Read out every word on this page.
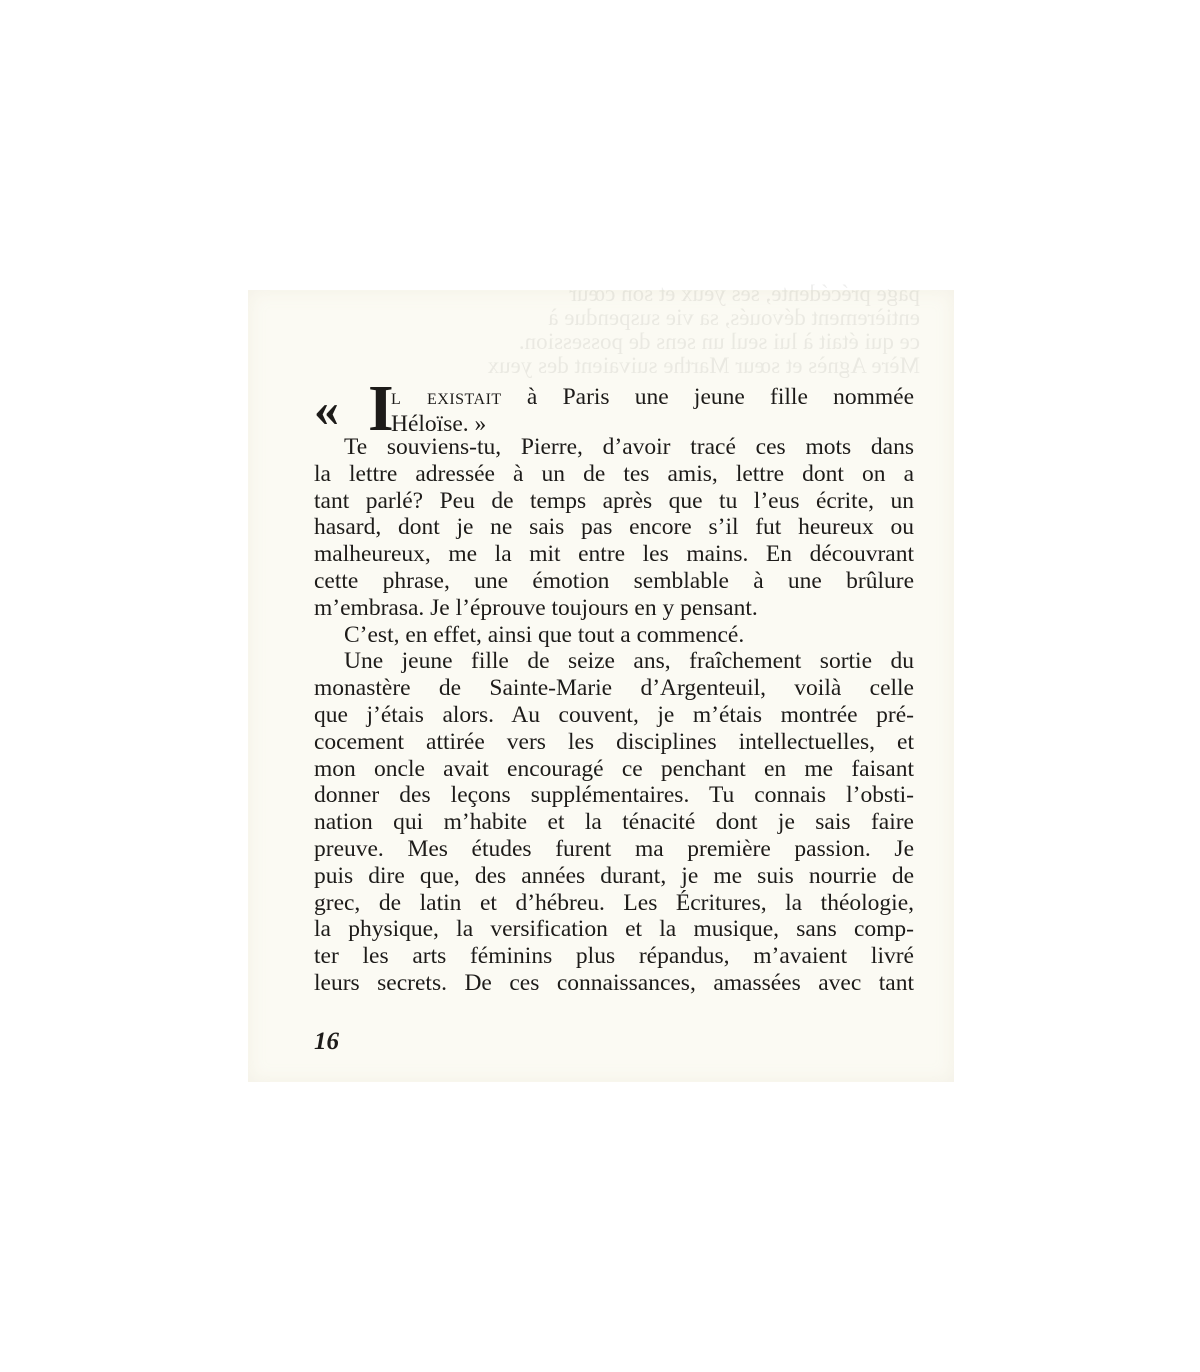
page précédente, ses yeux et son cœur
entièrement dévoués, sa vie suspendue à
ce qui était à lui seul un sens de possession.
Mère Agnès et sœur Marthe suivaient des yeux
« I
l existait à Paris une jeune fille nommée
Héloïse. »
Te souviens-tu, Pierre, d’avoir tracé ces mots dans
la lettre adressée à un de tes amis, lettre dont on a
tant parlé? Peu de temps après que tu l’eus écrite, un
hasard, dont je ne sais pas encore s’il fut heureux ou
malheureux, me la mit entre les mains. En découvrant
cette phrase, une émotion semblable à une brûlure
m’embrasa. Je l’éprouve toujours en y pensant.
C’est, en effet, ainsi que tout a commencé.
Une jeune fille de seize ans, fraîchement sortie du
monastère de Sainte-Marie d’Argenteuil, voilà celle
que j’étais alors. Au couvent, je m’étais montrée pré-
cocement attirée vers les disciplines intellectuelles, et
mon oncle avait encouragé ce penchant en me faisant
donner des leçons supplémentaires. Tu connais l’obsti-
nation qui m’habite et la ténacité dont je sais faire
preuve. Mes études furent ma première passion. Je
puis dire que, des années durant, je me suis nourrie de
grec, de latin et d’hébreu. Les Écritures, la théologie,
la physique, la versification et la musique, sans comp-
ter les arts féminins plus répandus, m’avaient livré
leurs secrets. De ces connaissances, amassées avec tant
16
